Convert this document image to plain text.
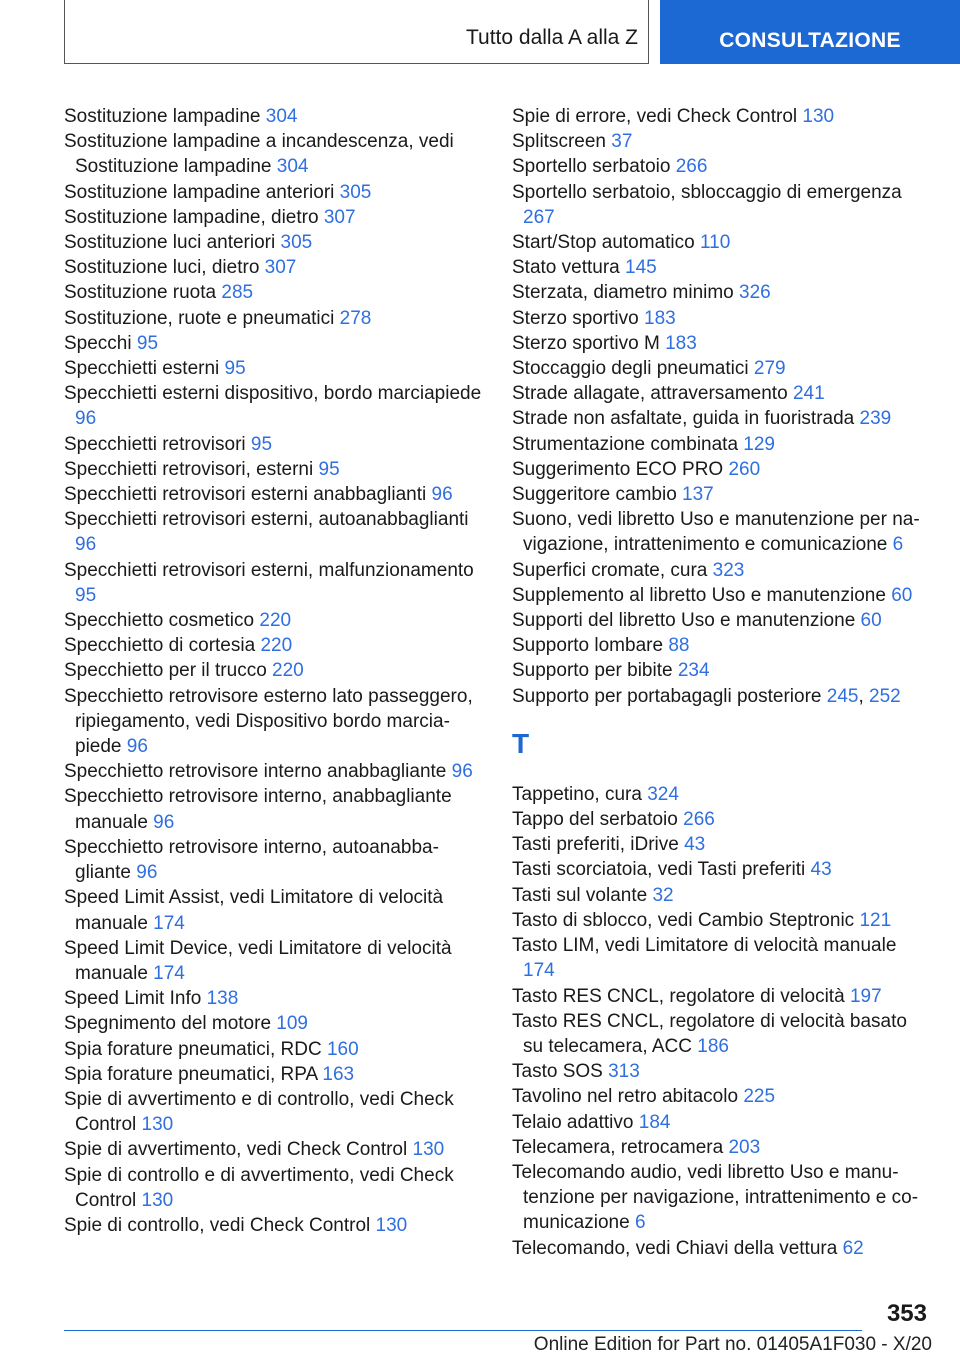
Tutto dalla A alla Z	CONSULTAZIONE

Sostituzione lampadine 304

Sostituzione lampadine a incandescenza, vedi Sostituzione lampadine 304

Sostituzione lampadine anteriori 305

Sostituzione lampadine, dietro 307

Sostituzione luci anteriori 305

Sostituzione luci, dietro 307

Sostituzione ruota 285

Sostituzione, ruote e pneumatici 278

Specchi 95

Specchietti esterni 95

Specchietti esterni dispositivo, bordo marciapiede 96

Specchietti retrovisori 95

Specchietti retrovisori, esterni 95

Specchietti retrovisori esterni anabbaglianti 96

Specchietti retrovisori esterni, autoanabbaglianti 96

Specchietti retrovisori esterni, malfunzionamento 95

Specchietto cosmetico 220

Specchietto di cortesia 220

Specchietto per il trucco 220

Specchietto retrovisore esterno lato passeggero, ripiegamento, vedi Dispositivo bordo marciapiede 96

Specchietto retrovisore interno anabbagliante 96

Specchietto retrovisore interno, anabbagliante manuale 96

Specchietto retrovisore interno, autoanabbagliante 96

Speed Limit Assist, vedi Limitatore di velocità manuale 174

Speed Limit Device, vedi Limitatore di velocità manuale 174

Speed Limit Info 138

Spegnimento del motore 109

Spia forature pneumatici, RDC 160

Spia forature pneumatici, RPA 163

Spie di avvertimento e di controllo, vedi Check Control 130

Spie di avvertimento, vedi Check Control 130

Spie di controllo e di avvertimento, vedi Check Control 130

Spie di controllo, vedi Check Control 130

Spie di errore, vedi Check Control 130

Splitscreen 37

Sportello serbatoio 266

Sportello serbatoio, sbloccaggio di emergenza 267

Start/Stop automatico 110

Stato vettura 145

Sterzata, diametro minimo 326

Sterzo sportivo 183

Sterzo sportivo M 183

Stoccaggio degli pneumatici 279

Strade allagate, attraversamento 241

Strade non asfaltate, guida in fuoristrada 239

Strumentazione combinata 129

Suggerimento ECO PRO 260

Suggeritore cambio 137

Suono, vedi libretto Uso e manutenzione per navigazione, intrattenimento e comunicazione 6

Superfici cromate, cura 323

Supplemento al libretto Uso e manutenzione 60

Supporti del libretto Uso e manutenzione 60

Supporto lombare 88

Supporto per bibite 234

Supporto per portabagagli posteriore 245, 252

T

Tappetino, cura 324

Tappo del serbatoio 266

Tasti preferiti, iDrive 43

Tasti scorciatoia, vedi Tasti preferiti 43

Tasti sul volante 32

Tasto di sblocco, vedi Cambio Steptronic 121

Tasto LIM, vedi Limitatore di velocità manuale 174

Tasto RES CNCL, regolatore di velocità 197

Tasto RES CNCL, regolatore di velocità basato su telecamera, ACC 186

Tasto SOS 313

Tavolino nel retro abitacolo 225

Telaio adattivo 184

Telecamera, retrocamera 203

Telecomando audio, vedi libretto Uso e manutenzione per navigazione, intrattenimento e comunicazione 6

Telecomando, vedi Chiavi della vettura 62

353
Online Edition for Part no. 01405A1F030 - X/20
